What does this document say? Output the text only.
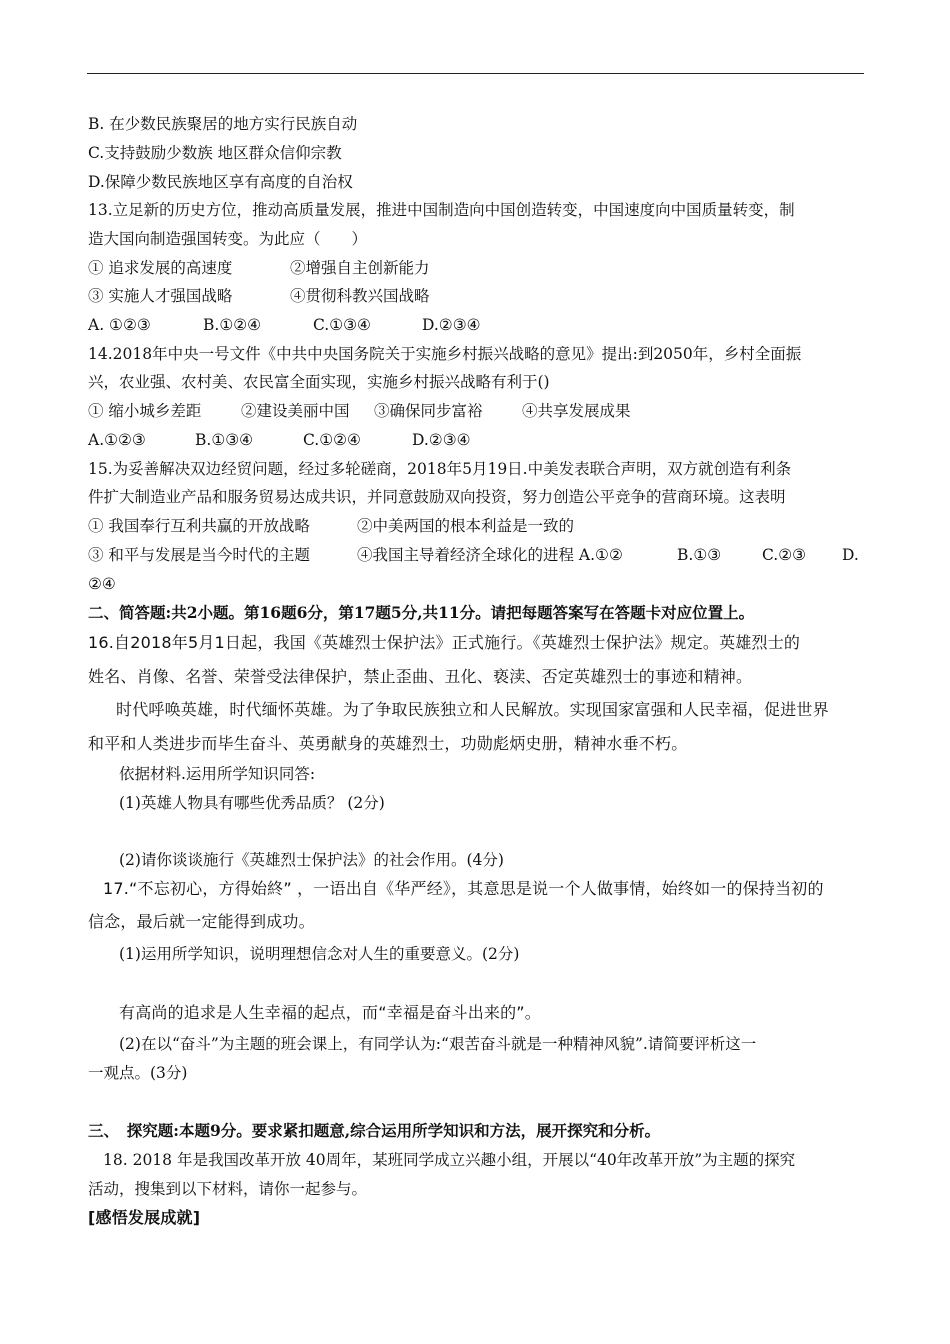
B. 在少数民族聚居的地方实行民族自动
C.支持鼓励少数族 地区群众信仰宗教
D.保障少数民族地区享有高度的自治权
13.立足新的历史方位，推动高质量发展，推进中国制造向中国创造转变，中国速度向中国质量转变，制
造大国向制造强国转变。为此应（　　）
① 追求发展的高速度	②增强自主创新能力
③ 实施人才强国战略	④贯彻科教兴国战略
A. ①②③	B.①②④	C.①③④	D.②③④
14.2018年中央一号文件《中共中央国务院关于实施乡村振兴战略的意见》提出:到2050年，乡村全面振
兴，农业强、农村美、农民富全面实现，实施乡村振兴战略有利于()
① 缩小城乡差距	②建设美丽中国 ③确保同步富裕	④共享发展成果
A.①②③	B.①③④	C.①②④	D.②③④
15.为妥善解决双边经贸问题，经过多轮磋商，2018年5月19日.中美发表联合声明，双方就创造有利条
件扩大制造业产品和服务贸易达成共识，并同意鼓励双向投资，努力创造公平竞争的营商环境。这表明
① 我国奉行互利共赢的开放战略	②中美两国的根本利益是一致的
③ 和平与发展是当今时代的主题	④我国主导着经济全球化的进程 A.①②	B.①③	C.②③ D.
②④
二、简答题:共2小题。第16题6分，第17题5分,共11分。请把每题答案写在答题卡对应位置上。
16.自2018年5月1日起，我国《英雄烈士保护法》正式施行。《英雄烈士保护法》规定。英雄烈士的
姓名、肖像、名誉、荣誉受法律保护，禁止歪曲、丑化、亵渎、否定英雄烈士的事迹和精神。
时代呼唤英雄，时代缅怀英雄。为了争取民族独立和人民解放。实现国家富强和人民幸福，促进世界
和平和人类进步而毕生奋斗、英勇献身的英雄烈士，功勋彪炳史册，精神水垂不朽。
依据材料.运用所学知识同答:
(1)英雄人物具有哪些优秀品质？ (2分)
(2)请你谈谈施行《英雄烈士保护法》的社会作用。(4分)
17.“不忘初心，方得始終” ，一语出自《华严经》，其意思是说一个人做事情，始终如一的保持当初的
信念，最后就一定能得到成功。
(1)运用所学知识，说明理想信念对人生的重要意义。(2分)
有高尚的追求是人生幸福的起点，而“幸福是奋斗出来的”。
(2)在以“奋斗”为主题的班会课上，有同学认为:“艰苦奋斗就是一种精神风貌”.请简要评析这一
一观点。(3分)
三、　探究题:本题9分。要求紧扣题意,综合运用所学知识和方法，展开探究和分析。
18. 2018 年是我国改革开放 40周年，某班同学成立兴趣小组，开展以“40年改革开放”为主题的探究
活动，搜集到以下材料，请你一起参与。
[感悟发展成就]
